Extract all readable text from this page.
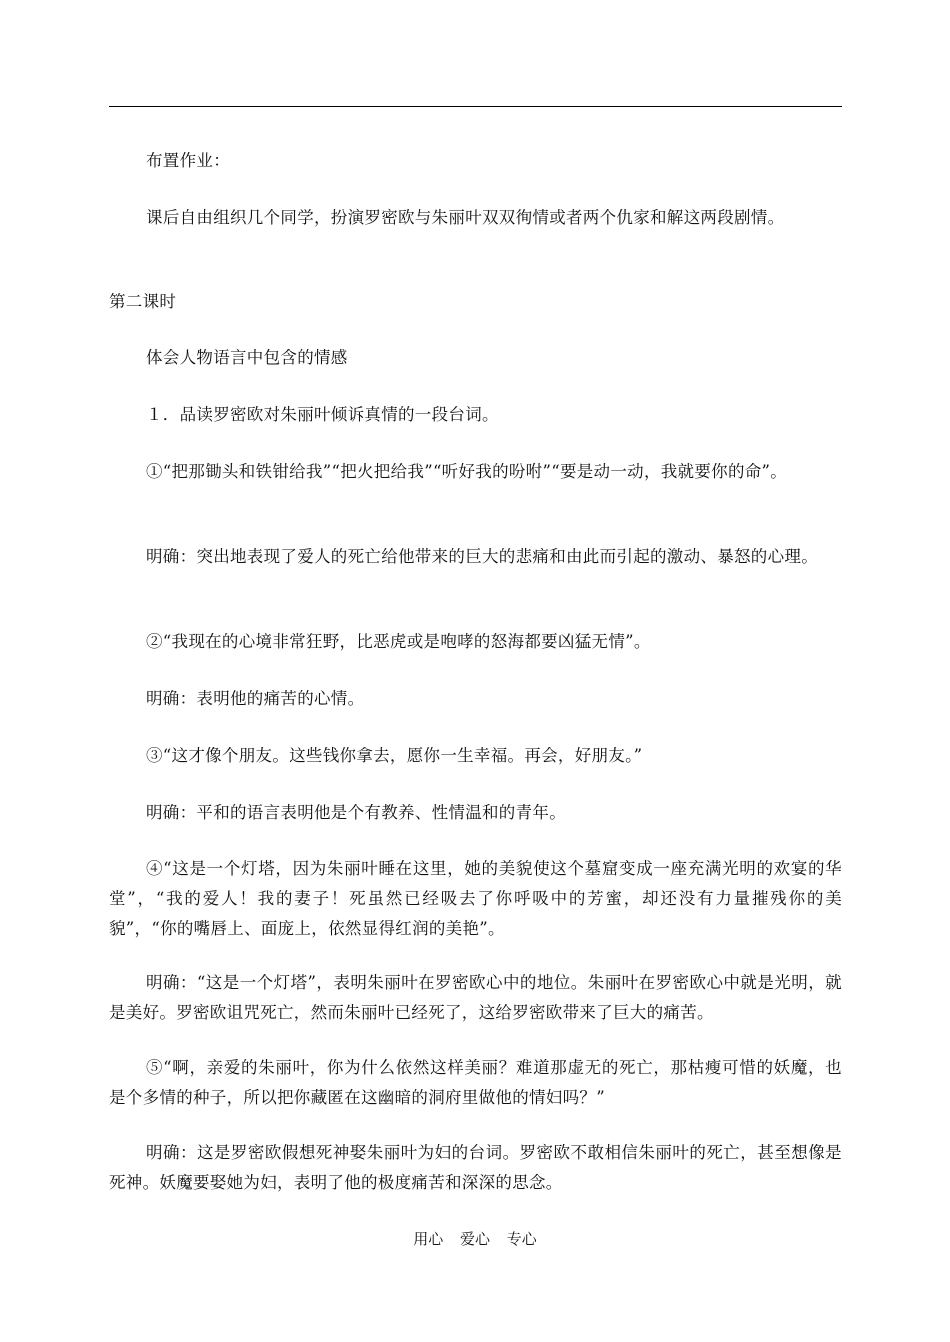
布置作业：

课后自由组织几个同学，扮演罗密欧与朱丽叶双双徇情或者两个仇家和解这两段剧情。

第二课时

体会人物语言中包含的情感

１．品读罗密欧对朱丽叶倾诉真情的一段台词。

①“把那锄头和铁钳给我”“把火把给我”“听好我的吩咐”“要是动一动，我就要你的命”。

明确：突出地表现了爱人的死亡给他带来的巨大的悲痛和由此而引起的激动、暴怒的心理。

②“我现在的心境非常狂野，比恶虎或是咆哮的怒海都要凶猛无情”。

明确：表明他的痛苦的心情。

③“这才像个朋友。这些钱你拿去，愿你一生幸福。再会，好朋友。”

明确：平和的语言表明他是个有教养、性情温和的青年。

④“这是一个灯塔，因为朱丽叶睡在这里，她的美貌使这个墓窟变成一座充满光明的欢宴的华堂”，“我的爱人！我的妻子！死虽然已经吸去了你呼吸中的芳蜜，却还没有力量摧残你的美貌”，“你的嘴唇上、面庞上，依然显得红润的美艳”。

明确：“这是一个灯塔”，表明朱丽叶在罗密欧心中的地位。朱丽叶在罗密欧心中就是光明，就是美好。罗密欧诅咒死亡，然而朱丽叶已经死了，这给罗密欧带来了巨大的痛苦。

⑤“啊，亲爱的朱丽叶，你为什么依然这样美丽？难道那虚无的死亡，那枯瘦可惜的妖魔，也是个多情的种子，所以把你藏匿在这幽暗的洞府里做他的情妇吗？”

明确：这是罗密欧假想死神娶朱丽叶为妇的台词。罗密欧不敢相信朱丽叶的死亡，甚至想像是死神。妖魔要娶她为妇，表明了他的极度痛苦和深深的思念。

用心 爱心 专心
